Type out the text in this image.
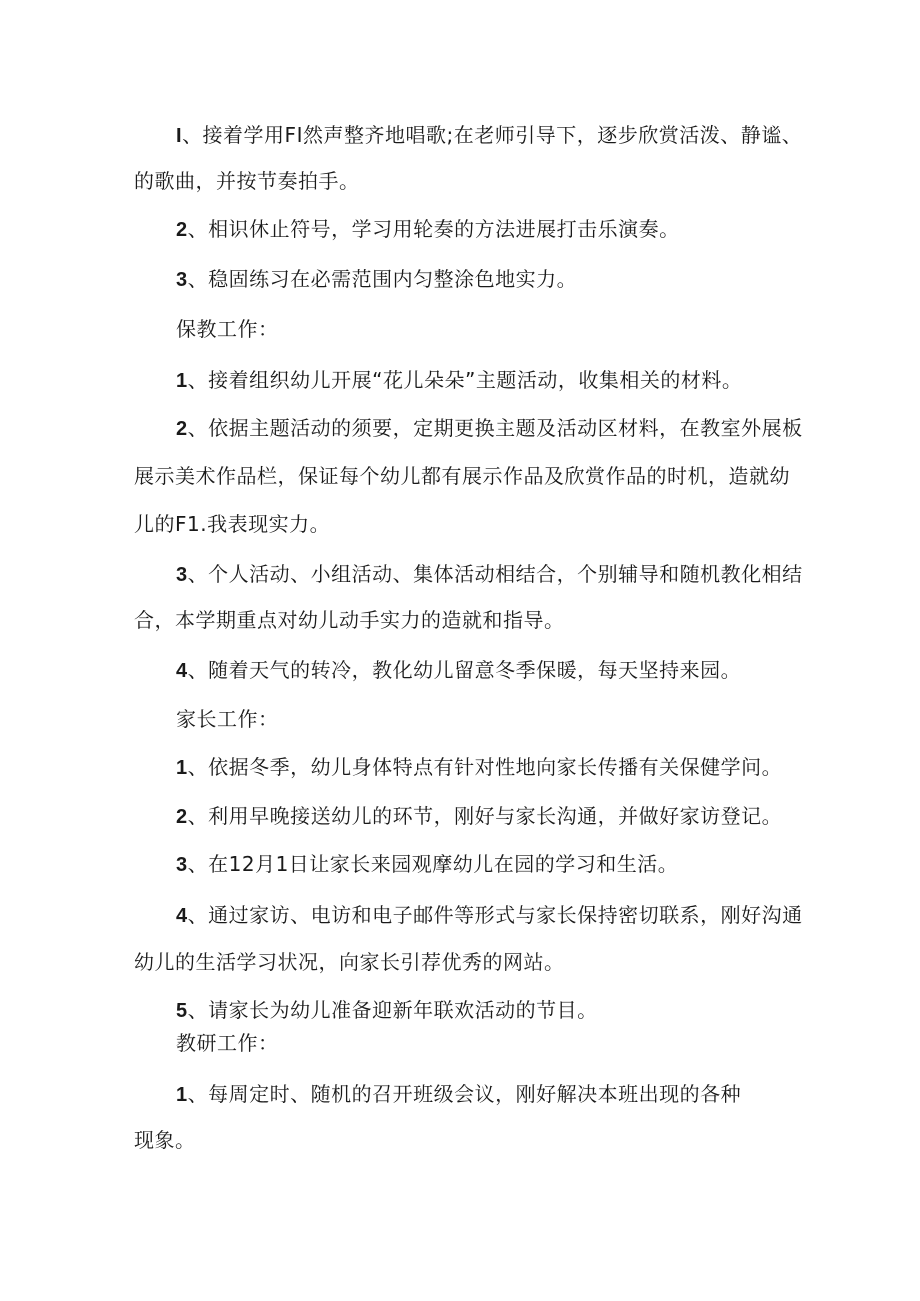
I、接着学用FI然声整齐地唱歌;在老师引导下，逐步欣赏活泼、静谧、
的歌曲，并按节奏拍手。
2、相识休止符号，学习用轮奏的方法进展打击乐演奏。
3、稳固练习在必需范围内匀整涂色地实力。
保教工作：
1、接着组织幼儿开展“花儿朵朵”主题活动，收集相关的材料。
2、依据主题活动的须要，定期更换主题及活动区材料，在教室外展板
展示美术作品栏，保证每个幼儿都有展示作品及欣赏作品的时机，造就幼
儿的F1.我表现实力。
3、个人活动、小组活动、集体活动相结合，个别辅导和随机教化相结
合，本学期重点对幼儿动手实力的造就和指导。
4、随着天气的转冷，教化幼儿留意冬季保暖，每天坚持来园。
家长工作：
1、依据冬季，幼儿身体特点有针对性地向家长传播有关保健学问。
2、利用早晚接送幼儿的环节，刚好与家长沟通，并做好家访登记。
3、在12月1日让家长来园观摩幼儿在园的学习和生活。
4、通过家访、电访和电子邮件等形式与家长保持密切联系，刚好沟通
幼儿的生活学习状况，向家长引荐优秀的网站。
5、请家长为幼儿准备迎新年联欢活动的节目。
教研工作：
1、每周定时、随机的召开班级会议，刚好解决本班出现的各种
现象。
